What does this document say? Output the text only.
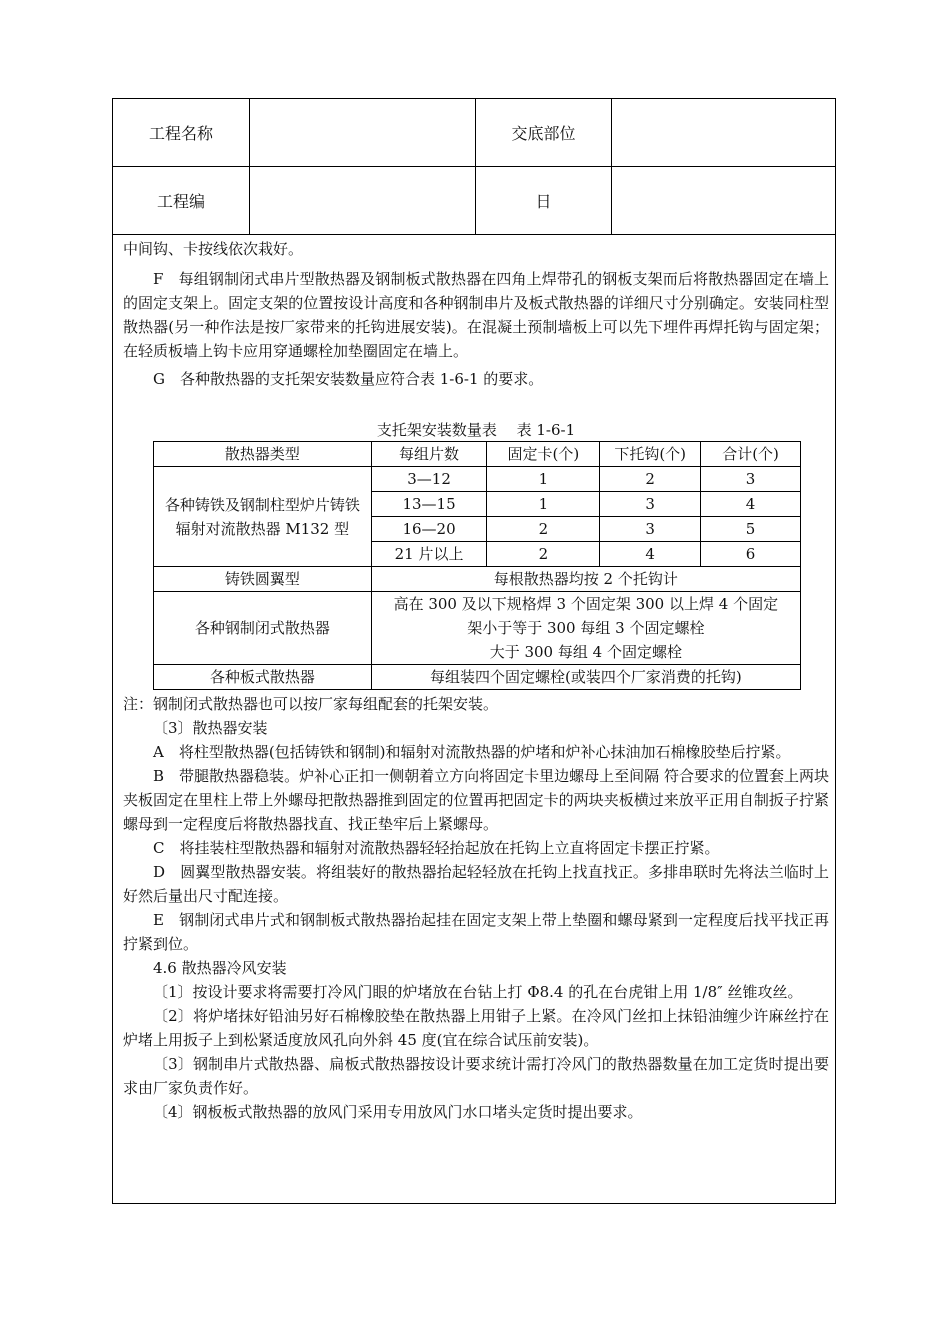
工程名称	交底部位
工程编	日

中间钩、卡按线依次栽好。

F　每组钢制闭式串片型散热器及钢制板式散热器在四角上焊带孔的钢板支架而后将散热器固定在墙上的固定支架上。固定支架的位置按设计高度和各种钢制串片及板式散热器的详细尺寸分别确定。安装同柱型散热器(另一种作法是按厂家带来的托钩进展安装)。在混凝土预制墙板上可以先下埋件再焊托钩与固定架；在轻质板墙上钩卡应用穿通螺栓加垫圈固定在墙上。

G　各种散热器的支托架安装数量应符合表 1-6-1 的要求。

支托架安装数量表　 表 1-6-1
散热器类型	每组片数	固定卡(个)	下托钩(个)	合计(个)
各种铸铁及钢制柱型炉片铸铁辐射对流散热器 M132 型	3—12	1	2	3
	13—15	1	3	4
	16—20	2	3	5
	21 片以上	2	4	6
铸铁圆翼型	每根散热器均按 2 个托钩计			
各种钢制闭式散热器	高在 300 及以下规格焊 3 个固定架 300 以上焊 4 个固定
架小于等于 300 每组 3 个固定螺栓
大于 300 每组 4 个固定螺栓			

各种板式散热器	每组装四个固定螺栓(或装四个厂家消费的托钩)			

注：钢制闭式散热器也可以按厂家每组配套的托架安装。

〔3〕散热器安装

A　将柱型散热器(包括铸铁和钢制)和辐射对流散热器的炉堵和炉补心抹油加石棉橡胶垫后拧紧。

B　带腿散热器稳装。炉补心正扣一侧朝着立方向将固定卡里边螺母上至间隔 符合要求的位置套上两块夹板固定在里柱上带上外螺母把散热器推到固定的位置再把固定卡的两块夹板横过来放平正用自制扳子拧紧螺母到一定程度后将散热器找直、找正垫牢后上紧螺母。

C　将挂装柱型散热器和辐射对流散热器轻轻抬起放在托钩上立直将固定卡摆正拧紧。

D　圆翼型散热器安装。将组装好的散热器抬起轻轻放在托钩上找直找正。多排串联时先将法兰临时上好然后量出尺寸配连接。

E　钢制闭式串片式和钢制板式散热器抬起挂在固定支架上带上垫圈和螺母紧到一定程度后找平找正再拧紧到位。

4.6 散热器冷风安装

〔1〕按设计要求将需要打冷风门眼的炉堵放在台钻上打 Φ8.4 的孔在台虎钳上用 1/8″ 丝锥攻丝。

〔2〕将炉堵抹好铅油另好石棉橡胶垫在散热器上用钳子上紧。在冷风门丝扣上抹铅油缠少许麻丝拧在炉堵上用扳子上到松紧适度放风孔向外斜 45 度(宜在综合试压前安装)。

〔3〕钢制串片式散热器、扁板式散热器按设计要求统计需打冷风门的散热器数量在加工定货时提出要求由厂家负责作好。

〔4〕钢板板式散热器的放风门采用专用放风门水口堵头定货时提出要求。
